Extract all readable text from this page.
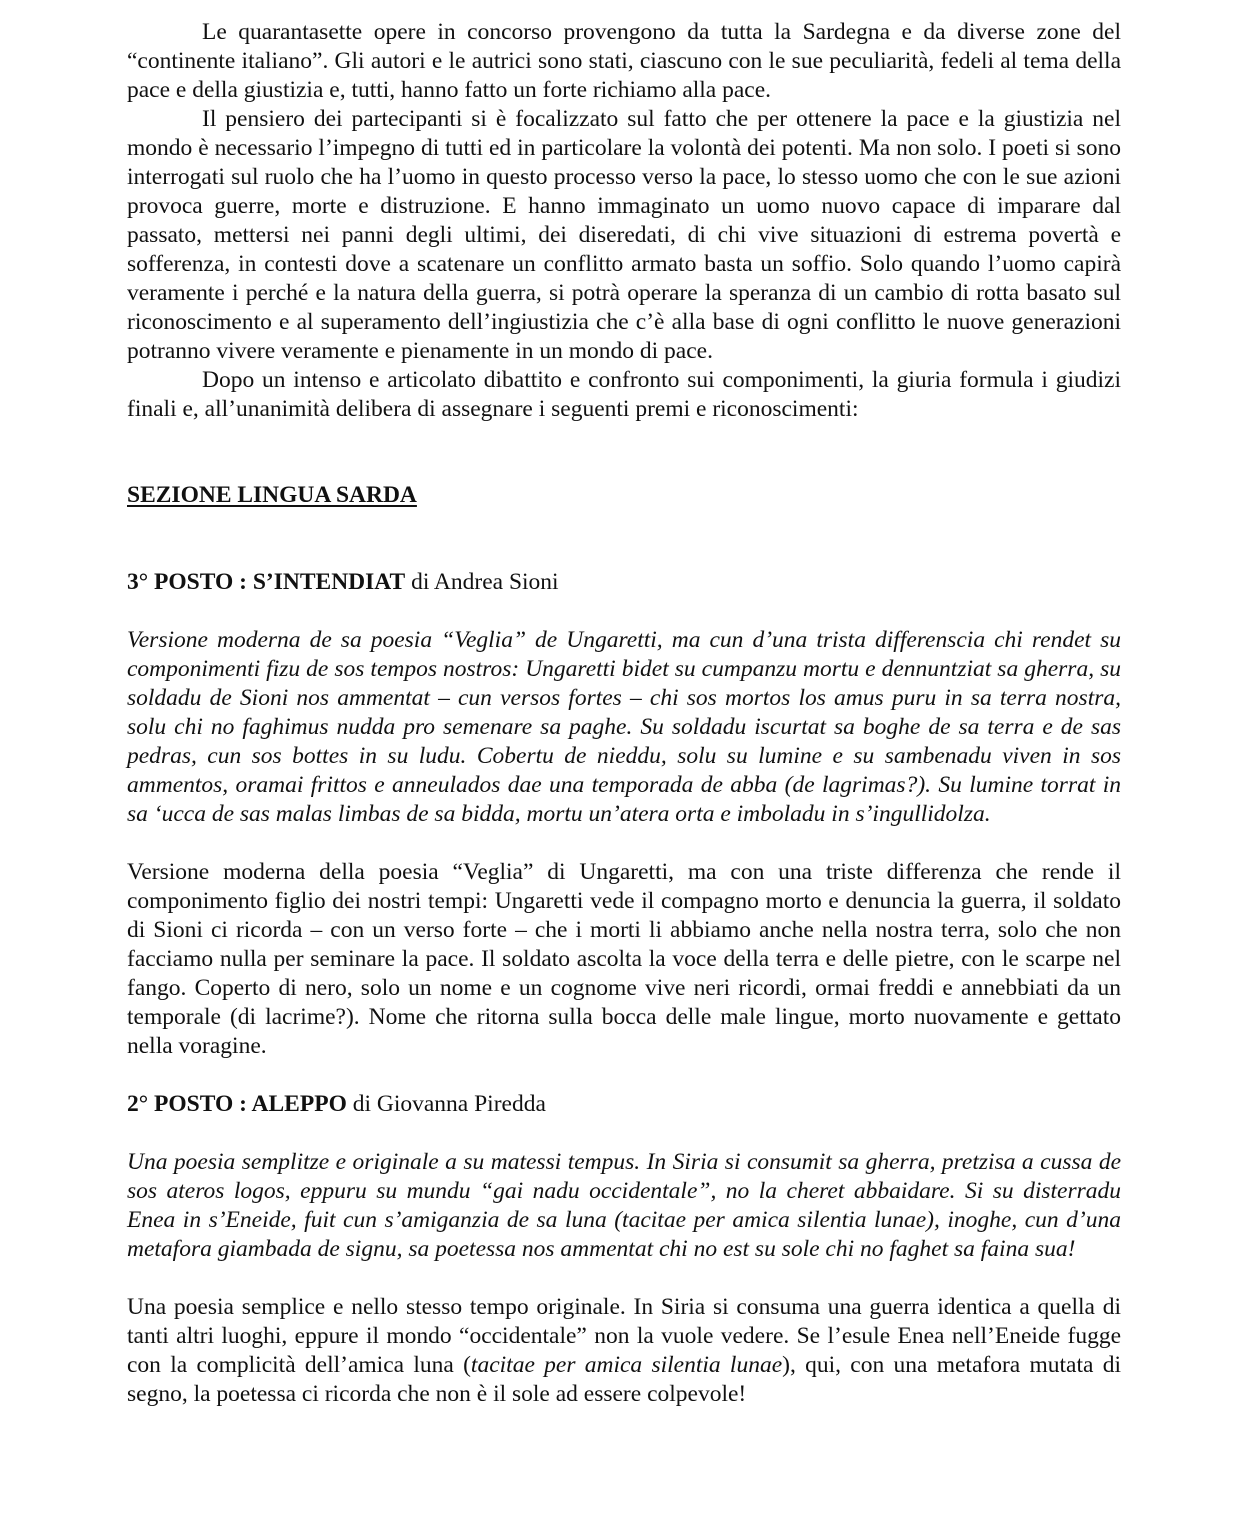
Le quarantasette opere in concorso provengono da tutta la Sardegna e da diverse zone del “continente italiano”. Gli autori e le autrici sono stati, ciascuno con le sue peculiarità, fedeli al tema della pace e della giustizia e, tutti, hanno fatto un forte richiamo alla pace.

Il pensiero dei partecipanti si è focalizzato sul fatto che per ottenere la pace e la giustizia nel mondo è necessario l’impegno di tutti ed in particolare la volontà dei potenti. Ma non solo. I poeti si sono interrogati sul ruolo che ha l’uomo in questo processo verso la pace, lo stesso uomo che con le sue azioni provoca guerre, morte e distruzione. E hanno immaginato un uomo nuovo capace di imparare dal passato, mettersi nei panni degli ultimi, dei diseredati, di chi vive situazioni di estrema povertà e sofferenza, in contesti dove a scatenare un conflitto armato basta un soffio. Solo quando l’uomo capirà veramente i perché e la natura della guerra, si potrà operare la speranza di un cambio di rotta basato sul riconoscimento e al superamento dell’ingiustizia che c’è alla base di ogni conflitto le nuove generazioni potranno vivere veramente e pienamente in un mondo di pace.

Dopo un intenso e articolato dibattito e confronto sui componimenti, la giuria formula i giudizi finali e, all’unanimità delibera di assegnare i seguenti premi e riconoscimenti:

SEZIONE LINGUA SARDA

3° POSTO : S’INTENDIAT di Andrea Sioni

Versione moderna de sa poesia “Veglia” de Ungaretti, ma cun d’una trista differenscia chi rendet su componimenti fizu de sos tempos nostros: Ungaretti bidet su cumpanzu mortu e dennuntziat sa gherra, su soldadu de Sioni nos ammentat – cun versos fortes – chi sos mortos los amus puru in sa terra nostra, solu chi no faghimus nudda pro semenare sa paghe. Su soldadu iscurtat sa boghe de sa terra e de sas pedras, cun sos bottes in su ludu. Cobertu de nieddu, solu su lumine e su sambenadu viven in sos ammentos, oramai frittos e anneulados dae una temporada de abba (de lagrimas?). Su lumine torrat in sa ‘ucca de sas malas limbas de sa bidda, mortu un’atera orta e imboladu in s’ingullidolza.

Versione moderna della poesia “Veglia” di Ungaretti, ma con una triste differenza che rende il componimento figlio dei nostri tempi: Ungaretti vede il compagno morto e denuncia la guerra, il soldato di Sioni ci ricorda – con un verso forte – che i morti li abbiamo anche nella nostra terra, solo che non facciamo nulla per seminare la pace. Il soldato ascolta la voce della terra e delle pietre, con le scarpe nel fango. Coperto di nero, solo un nome e un cognome vive neri ricordi, ormai freddi e annebbiati da un temporale (di lacrime?). Nome che ritorna sulla bocca delle male lingue, morto nuovamente e gettato nella voragine.

2° POSTO : ALEPPO di Giovanna Piredda

Una poesia semplitze e originale a su matessi tempus. In Siria si consumit sa gherra, pretzisa a cussa de sos ateros logos, eppuru su mundu “gai nadu occidentale”, no la cheret abbaidare. Si su disterradu Enea in s’Eneide, fuit cun s’amiganzia de sa luna (tacitae per amica silentia lunae), inoghe, cun d’una metafora giambada de signu, sa poetessa nos ammentat chi no est su sole chi no faghet sa faina sua!

Una poesia semplice e nello stesso tempo originale. In Siria si consuma una guerra identica a quella di tanti altri luoghi, eppure il mondo “occidentale” non la vuole vedere. Se l’esule Enea nell’Eneide fugge con la complicità dell’amica luna (tacitae per amica silentia lunae), qui, con una metafora mutata di segno, la poetessa ci ricorda che non è il sole ad essere colpevole!
